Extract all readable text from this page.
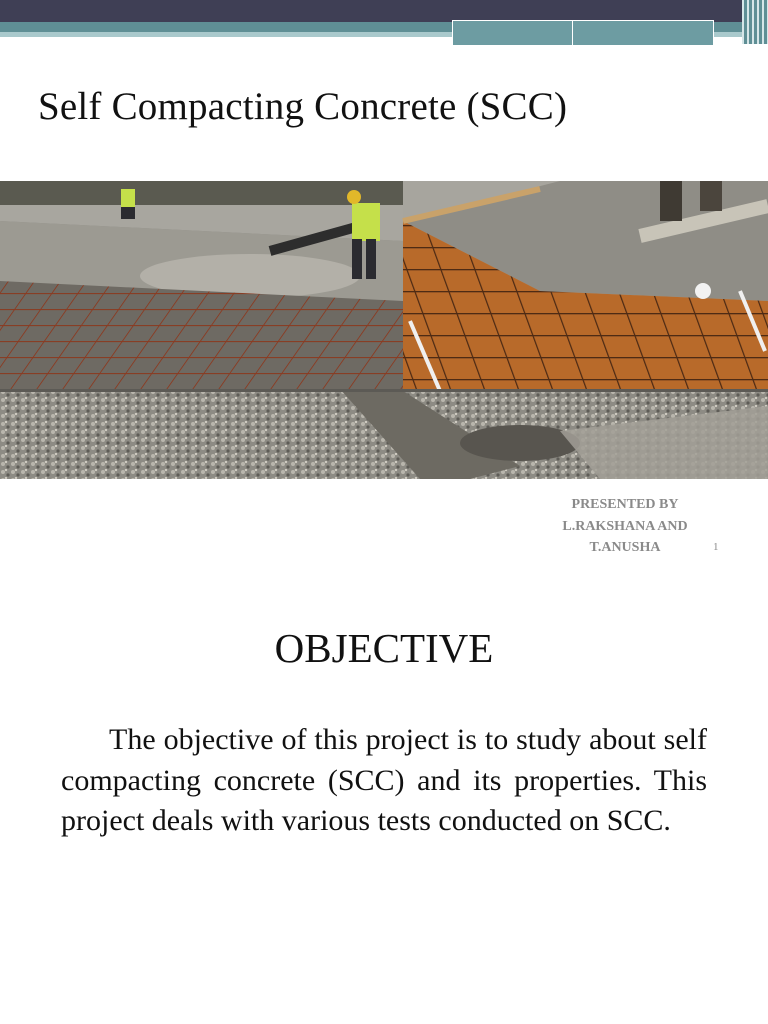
Self Compacting Concrete (SCC)
PRESENTED BY
L.RAKSHANA AND
T.ANUSHA	1
OBJECTIVE

The objective of this project is to study about self compacting concrete (SCC) and its properties. This project deals with various tests conducted on SCC.
